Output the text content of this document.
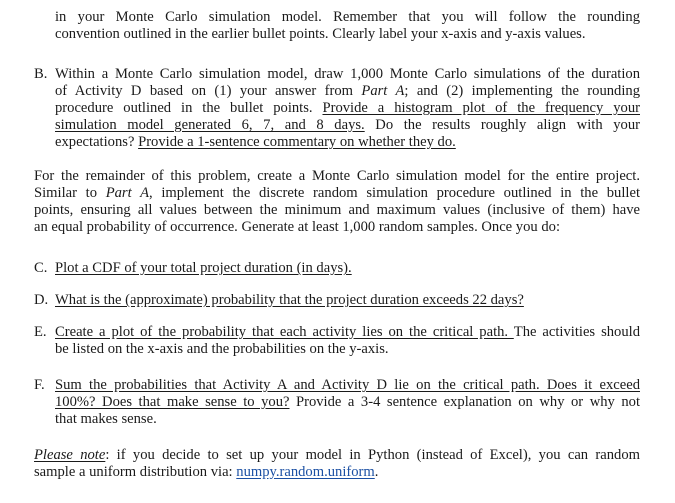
in your Monte Carlo simulation model. Remember that you will follow the rounding
convention outlined in the earlier bullet points. Clearly label your x-axis and y-axis values.
B. Within a Monte Carlo simulation model, draw 1,000 Monte Carlo simulations of the duration
of Activity D based on (1) your answer from Part A; and (2) implementing the rounding
procedure outlined in the bullet points. Provide a histogram plot of the frequency your
simulation model generated 6, 7, and 8 days. Do the results roughly align with your
expectations? Provide a 1-sentence commentary on whether they do.
For the remainder of this problem, create a Monte Carlo simulation model for the entire project.
Similar to Part A, implement the discrete random simulation procedure outlined in the bullet
points, ensuring all values between the minimum and maximum values (inclusive of them) have
an equal probability of occurrence. Generate at least 1,000 random samples. Once you do:
C. Plot a CDF of your total project duration (in days).
D. What is the (approximate) probability that the project duration exceeds 22 days?
E. Create a plot of the probability that each activity lies on the critical path. The activities should
be listed on the x-axis and the probabilities on the y-axis.
F. Sum the probabilities that Activity A and Activity D lie on the critical path. Does it exceed
100%? Does that make sense to you? Provide a 3-4 sentence explanation on why or why not
that makes sense.
Please note: if you decide to set up your model in Python (instead of Excel), you can random
sample a uniform distribution via: numpy.random.uniform.
